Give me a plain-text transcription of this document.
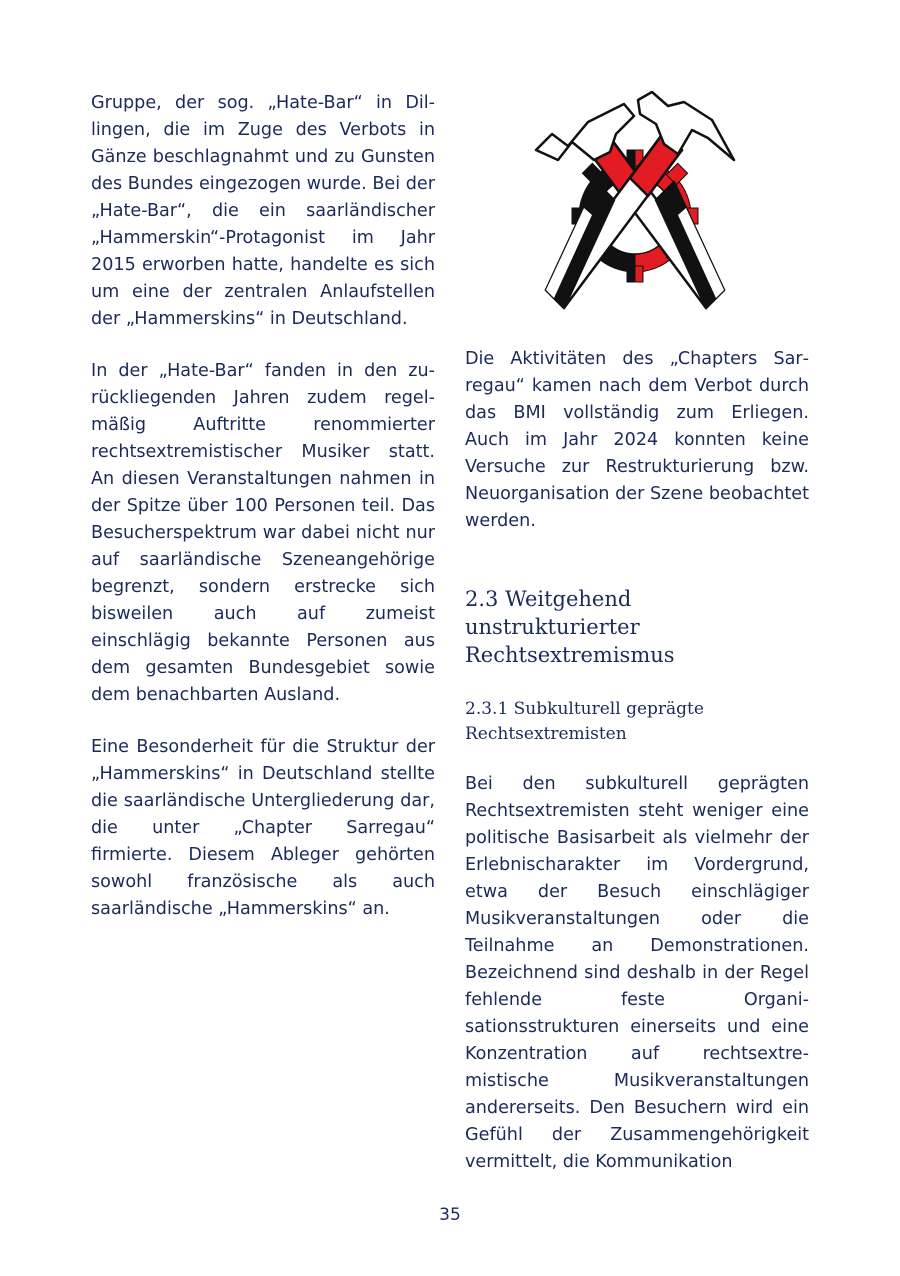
Gruppe, der sog. „Hate-Bar“ in Dillingen, die im Zuge des Verbots in Gänze beschlagnahmt und zu Gunsten des Bundes eingezogen wurde. Bei der „Hate-Bar“, die ein saarländischer „Hammerskin“-Protagonist im Jahr 2015 erworben hatte, handelte es sich um eine der zentralen Anlaufstellen der „Hammerskins“ in Deutschland.

In der „Hate-Bar“ fanden in den zurückliegenden Jahren zudem regelmäßig Auftritte renommierter rechtsextremistischer Musiker statt. An diesen Veranstaltungen nahmen in der Spitze über 100 Personen teil. Das Besucherspektrum war dabei nicht nur auf saarländische Szeneangehörige begrenzt, sondern erstrecke sich bisweilen auch auf zumeist einschlägig bekannte Personen aus dem gesamten Bundesgebiet sowie dem benachbarten Ausland.

Eine Besonderheit für die Struktur der „Hammerskins“ in Deutschland stellte die saarländische Untergliederung dar, die unter „Chapter Sarregau“ firmierte. Diesem Ableger gehörten sowohl französische als auch saarländische „Hammerskins“ an.

Die Aktivitäten des „Chapters Sarregau“ kamen nach dem Verbot durch das BMI vollständig zum Erliegen. Auch im Jahr 2024 konnten keine Versuche zur Restrukturierung bzw. Neuorganisation der Szene beobachtet werden.

2.3 Weitgehend unstrukturierter Rechtsextremismus
2.3.1 Subkulturell geprägte Rechtsextremisten

Bei den subkulturell geprägten Rechtsextremisten steht weniger eine politische Basisarbeit als vielmehr der Erlebnischarakter im Vordergrund, etwa der Besuch einschlägiger Musikveranstaltungen oder die Teilnahme an Demonstrationen. Bezeichnend sind deshalb in der Regel fehlende feste Organisationsstrukturen einerseits und eine Konzentration auf rechtsextremistische Musikveranstaltungen andererseits. Den Besuchern wird ein Gefühl der Zusammengehörigkeit vermittelt, die Kommunikation

35
